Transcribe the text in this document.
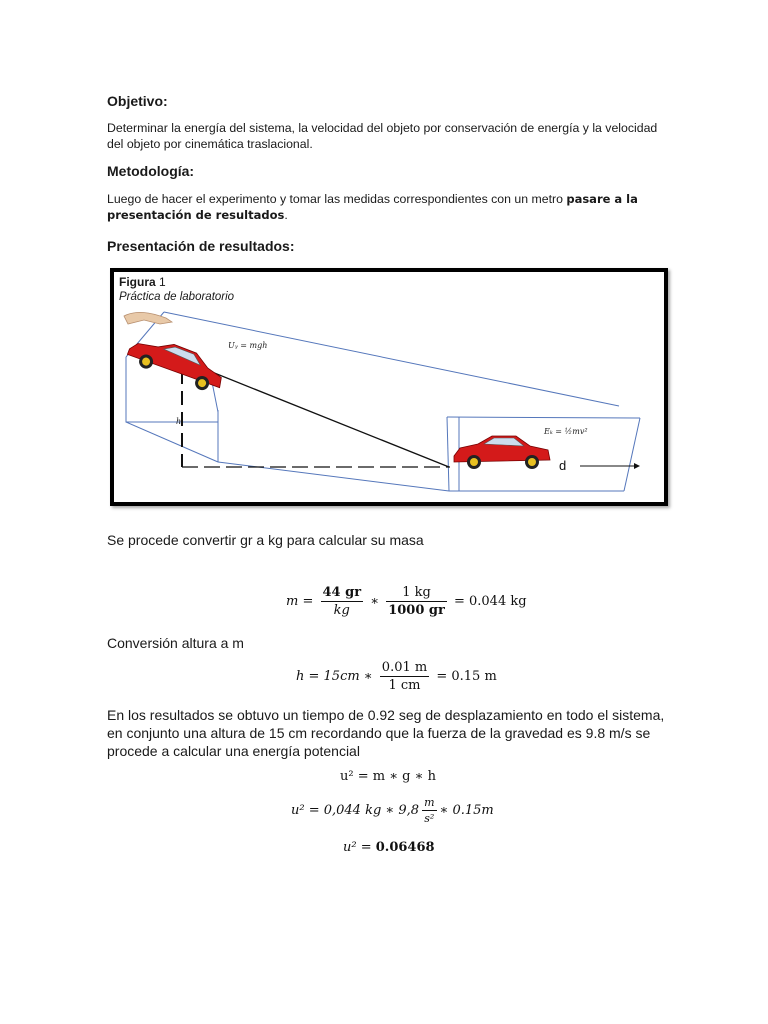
Objetivo:

Determinar la energía del sistema, la velocidad del objeto por conservación de energía y la velocidad del objeto por cinemática traslacional.

Metodología:

Luego de hacer el experimento y tomar las medidas correspondientes con un metro pasare a la presentación de resultados.

Presentación de resultados:

Figura 1
Práctica de laboratorio
Uᵧ = mgh
Eₖ = ½mv²
h
d

Se procede convertir gr a kg para calcular su masa

$m = \frac{44 gr}{kg}$ ∗ $\frac{1 kg}{1000 gr} = 0.044$ kg

Conversión altura a m

h = 15cm ∗ $\frac{0.01 m}{1 cm} = 0.15$ m

En los resultados se obtuvo un tiempo de 0.92 seg de desplazamiento en todo el sistema, en conjunto una altura de 15 cm recordando que la fuerza de la gravedad es 9.8 m/s se procede a calcular una energía potencial

u² = m ∗ g ∗ h
u² = 0,044 kg ∗ $9,8 \frac{m}{\text{s²}}$ ∗ 0.15m
u² = 0.06468
